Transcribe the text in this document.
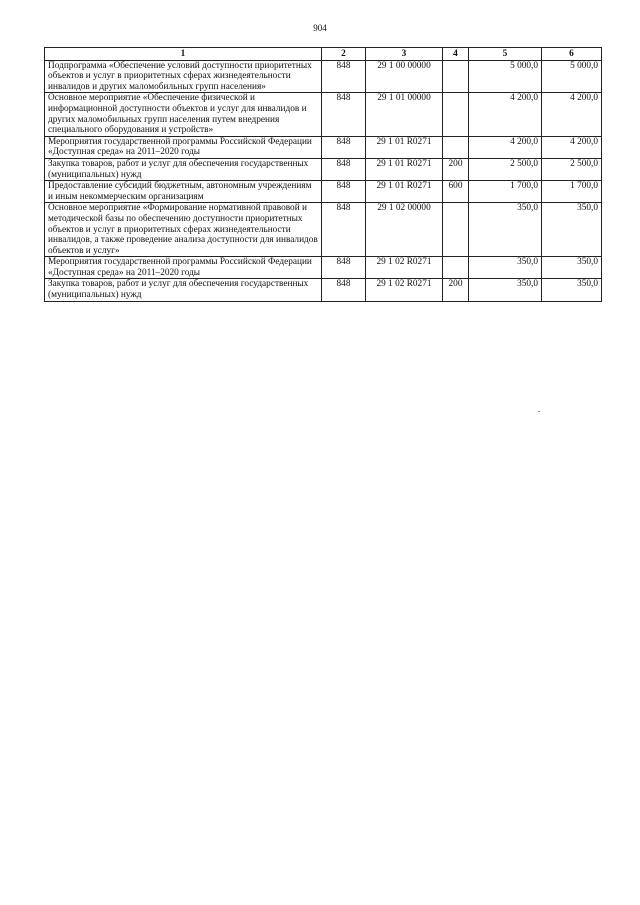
904
1	2	3	4	5	6
Подпрограмма «Обеспечение условий доступности приоритетных объектов и услуг в приоритетных сферах жизнедеятельности инвалидов и других маломобильных групп населения»	848	29 1 00 00000		5 000,0	5 000,0
Основное мероприятие «Обеспечение физической и информационной доступности объектов и услуг для инвалидов и других маломобильных групп населения путем внедрения специального оборудования и устройств»	848	29 1 01 00000		4 200,0	4 200,0
Мероприятия государственной программы Российской Федерации «Доступная среда» на 2011–2020 годы	848	29 1 01 R0271		4 200,0	4 200,0
Закупка товаров, работ и услуг для обеспечения государственных (муниципальных) нужд	848	29 1 01 R0271	200	2 500,0	2 500,0
Предоставление субсидий бюджетным, автономным учреждениям и иным некоммерческим организациям	848	29 1 01 R0271	600	1 700,0	1 700,0
Основное мероприятие «Формирование нормативной правовой и методической базы по обеспечению доступности приоритетных объектов и услуг в приоритетных сферах жизнедеятельности инвалидов, а также проведение анализа доступности для инвалидов объектов и услуг»	848	29 1 02 00000		350,0	350,0
Мероприятия государственной программы Российской Федерации «Доступная среда» на 2011–2020 годы	848	29 1 02 R0271		350,0	350,0
Закупка товаров, работ и услуг для обеспечения государственных (муниципальных) нужд	848	29 1 02 R0271	200	350,0	350,0
